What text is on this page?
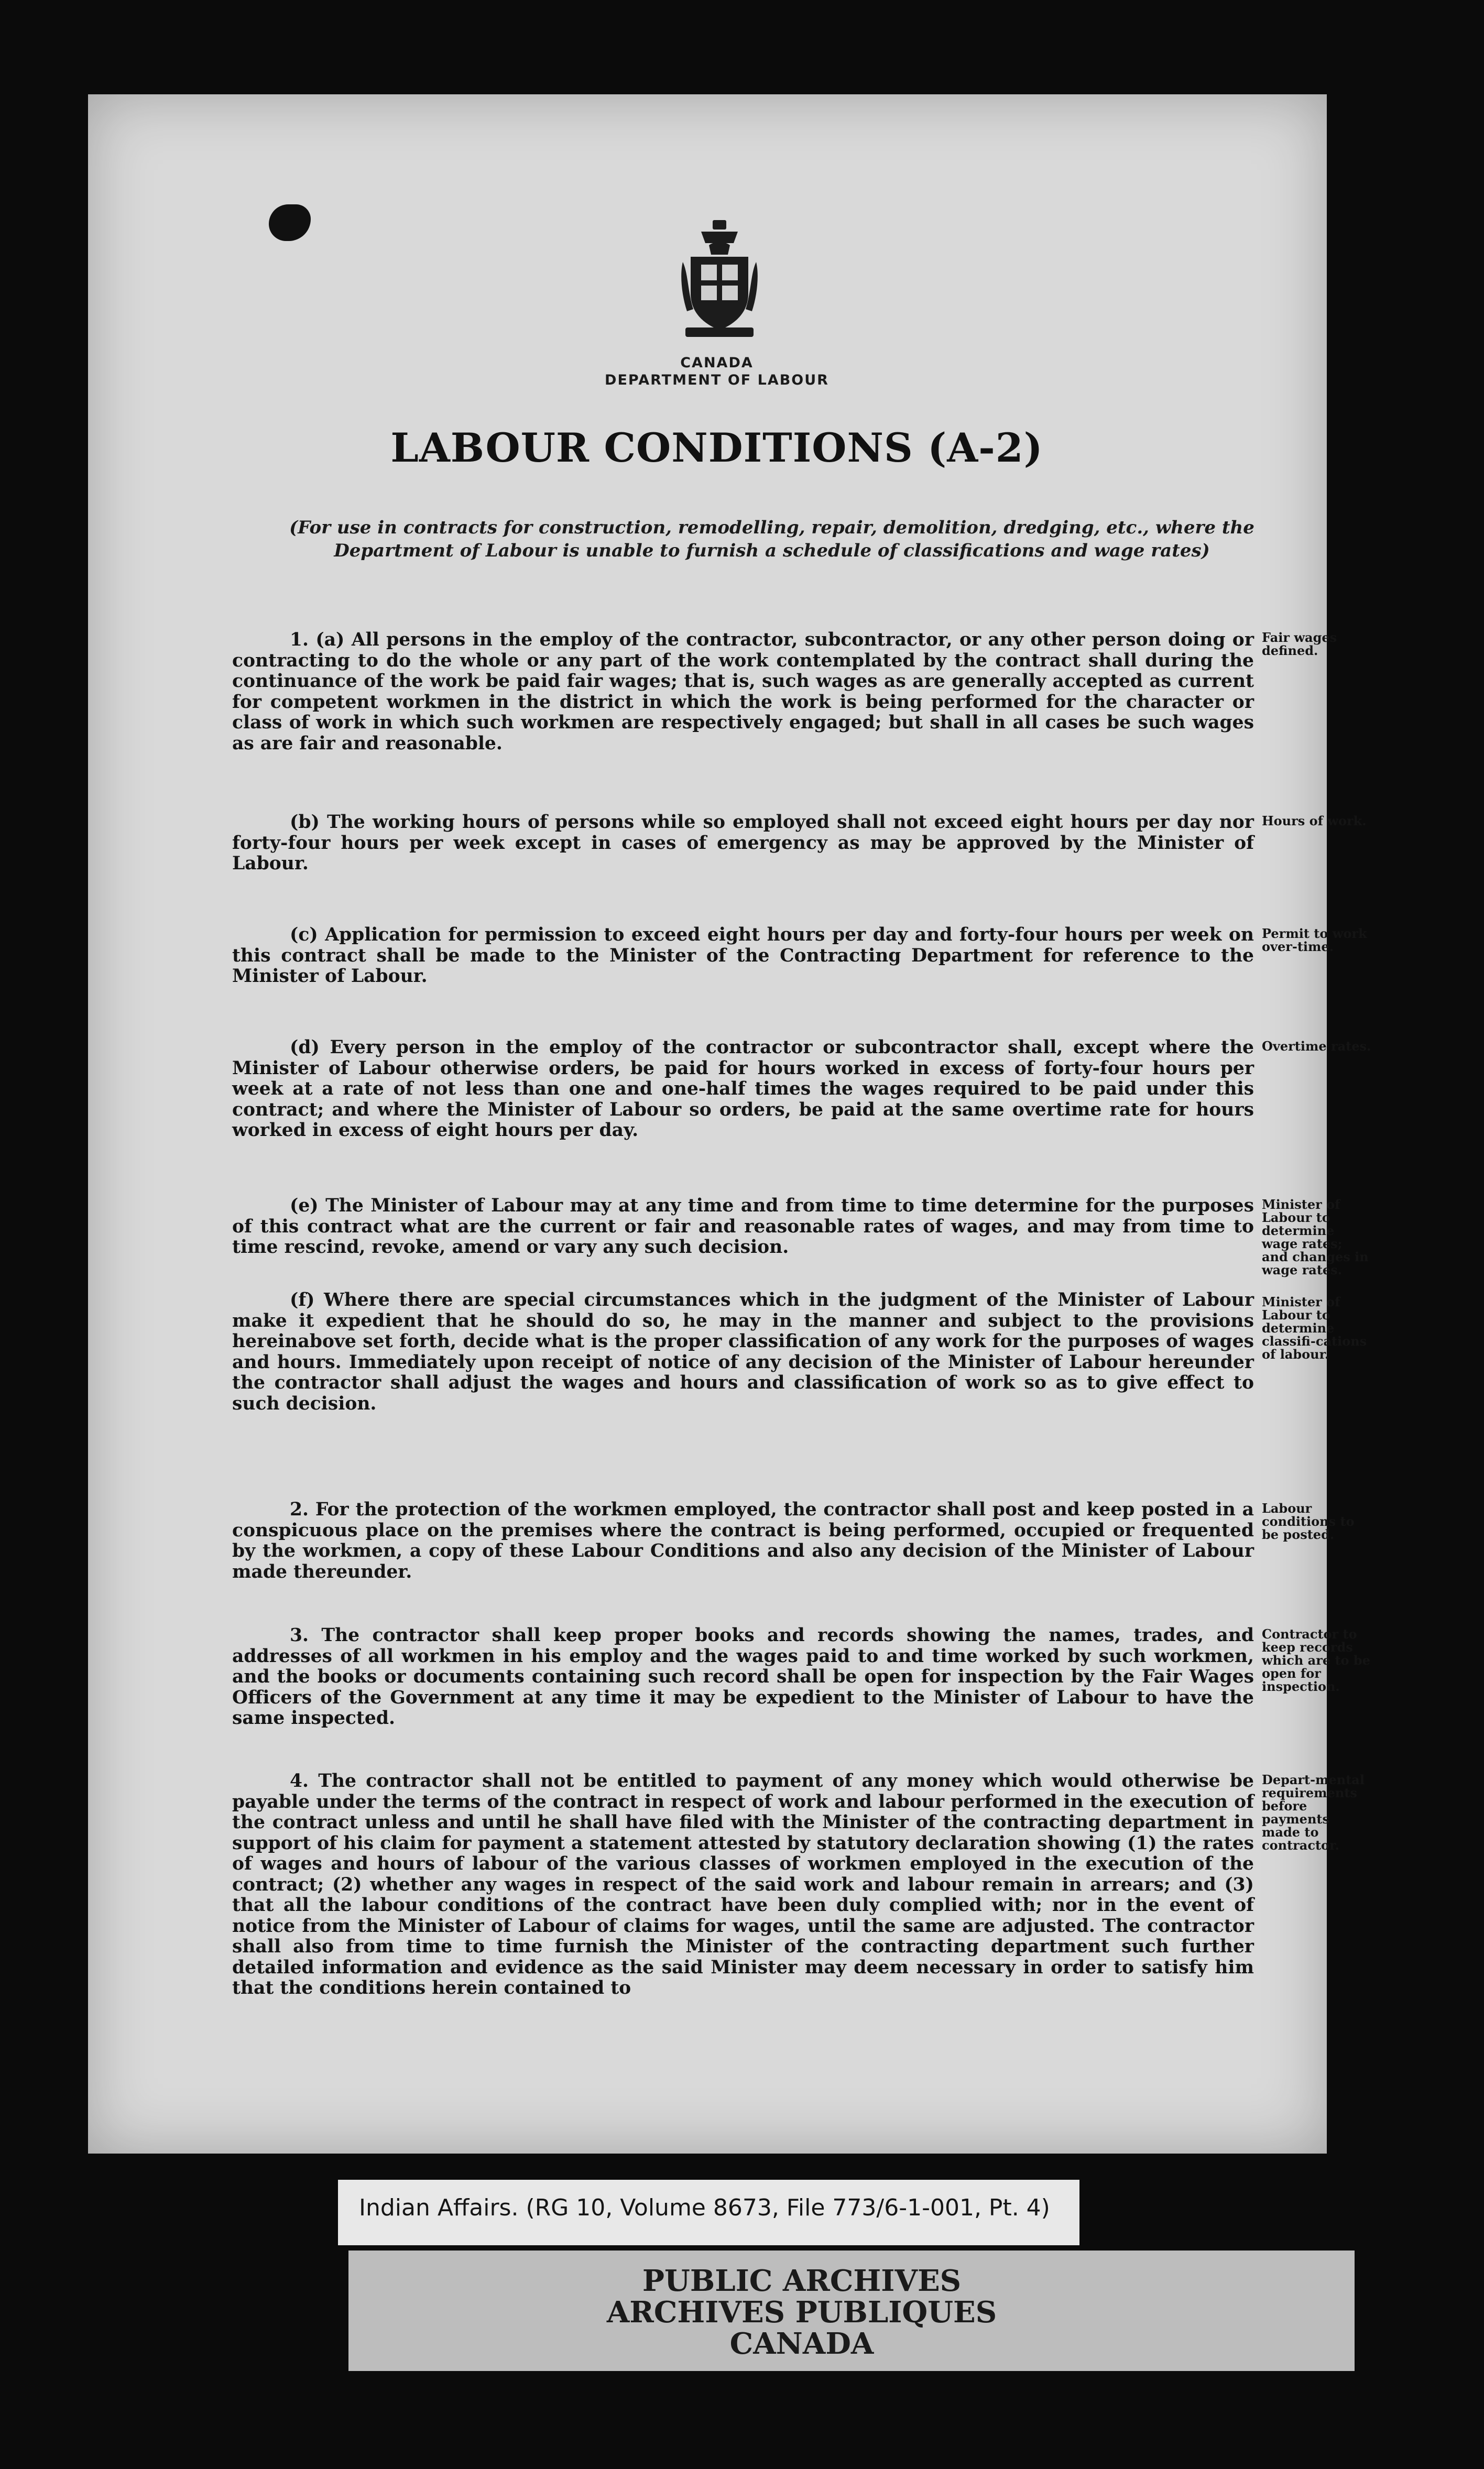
CANADA
DEPARTMENT OF LABOUR
LABOUR CONDITIONS (A-2)
(For use in contracts for construction, remodelling, repair, demolition, dredging, etc., where the Department of Labour is unable to furnish a schedule of classifications and wage rates)
1. (a) All persons in the employ of the contractor, subcontractor, or any other person doing or contracting to do the whole or any part of the work contemplated by the contract shall during the continuance of the work be paid fair wages; that is, such wages as are generally accepted as current for competent workmen in the district in which the work is being performed for the character or class of work in which such workmen are respectively engaged; but shall in all cases be such wages as are fair and reasonable.
Fair wages defined.
(b) The working hours of persons while so employed shall not exceed eight hours per day nor forty-four hours per week except in cases of emergency as may be approved by the Minister of Labour.
Hours of work.
(c) Application for permission to exceed eight hours per day and forty-four hours per week on this contract shall be made to the Minister of the Contracting Department for reference to the Minister of Labour.
Permit to work over-time.
(d) Every person in the employ of the contractor or subcontractor shall, except where the Minister of Labour otherwise orders, be paid for hours worked in excess of forty-four hours per week at a rate of not less than one and one-half times the wages required to be paid under this contract; and where the Minister of Labour so orders, be paid at the same overtime rate for hours worked in excess of eight hours per day.
Overtime rates.
(e) The Minister of Labour may at any time and from time to time determine for the purposes of this contract what are the current or fair and reasonable rates of wages, and may from time to time rescind, revoke, amend or vary any such decision.
Minister of Labour to determine wage rates; and changes in wage rates.
(f) Where there are special circumstances which in the judgment of the Minister of Labour make it expedient that he should do so, he may in the manner and subject to the provisions hereinabove set forth, decide what is the proper classification of any work for the purposes of wages and hours. Immediately upon receipt of notice of any decision of the Minister of Labour hereunder the contractor shall adjust the wages and hours and classification of work so as to give effect to such decision.
Minister of Labour to determine classifi-cations of labour.
2. For the protection of the workmen employed, the contractor shall post and keep posted in a conspicuous place on the premises where the contract is being performed, occupied or frequented by the workmen, a copy of these Labour Conditions and also any decision of the Minister of Labour made thereunder.
Labour conditions to be posted.
3. The contractor shall keep proper books and records showing the names, trades, and addresses of all workmen in his employ and the wages paid to and time worked by such workmen, and the books or documents containing such record shall be open for inspection by the Fair Wages Officers of the Government at any time it may be expedient to the Minister of Labour to have the same inspected.
Contractor to keep records which are to be open for inspection.
4. The contractor shall not be entitled to payment of any money which would otherwise be payable under the terms of the contract in respect of work and labour performed in the execution of the contract unless and until he shall have filed with the Minister of the contracting department in support of his claim for payment a statement attested by statutory declaration showing (1) the rates of wages and hours of labour of the various classes of workmen employed in the execution of the contract; (2) whether any wages in respect of the said work and labour remain in arrears; and (3) that all the labour conditions of the contract have been duly complied with; nor in the event of notice from the Minister of Labour of claims for wages, until the same are adjusted. The contractor shall also from time to time furnish the Minister of the contracting department such further detailed information and evidence as the said Minister may deem necessary in order to satisfy him that the conditions herein contained to
Depart-mental requirements before payments made to contractor.
Indian Affairs. (RG 10, Volume 8673, File 773/6-1-001, Pt. 4)
PUBLIC ARCHIVES
ARCHIVES PUBLIQUES
CANADA
